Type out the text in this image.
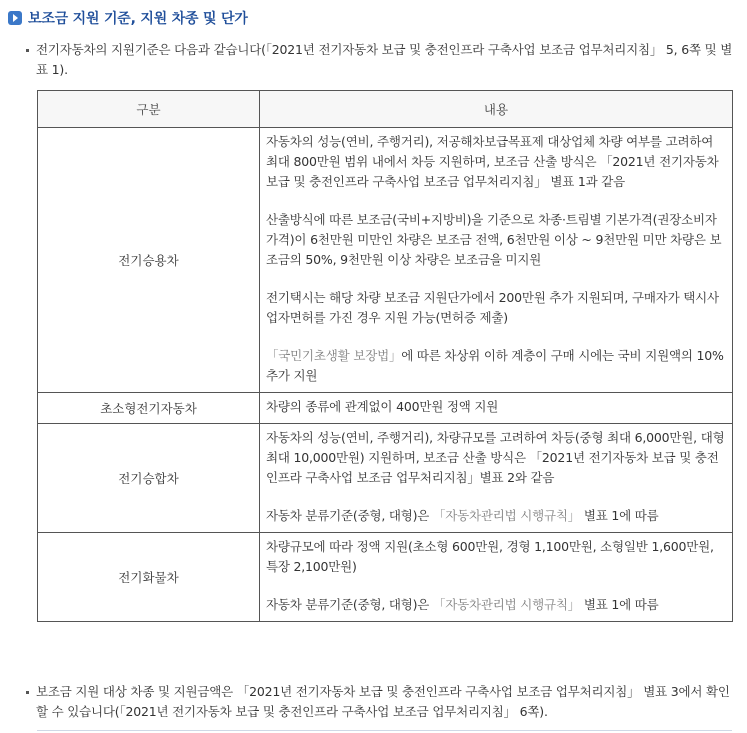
보조금 지원 기준, 지원 차종 및 단가

전기자동차의 지원기준은 다음과 같습니다(「2021년 전기자동차 보급 및 충전인프라 구축사업 보조금 업무처리지침」 5, 6쪽 및 별표 1).

구분	내용
전기승용차	자동차의 성능(연비, 주행거리), 저공해차보급목표제 대상업체 차량 여부를 고려하여 최대 800만원 범위 내에서 차등 지원하며, 보조금 산출 방식은 「2021년 전기자동차 보급 및 충전인프라 구축사업 보조금 업무처리지침」 별표 1과 같음

산출방식에 따른 보조금(국비+지방비)을 기준으로 차종·트림별 기본가격(권장소비자가격)이 6천만원 미만인 차량은 보조금 전액, 6천만원 이상 ~ 9천만원 미만 차량은 보조금의 50%, 9천만원 이상 차량은 보조금을 미지원

전기택시는 해당 차량 보조금 지원단가에서 200만원 추가 지원되며, 구매자가 택시사업자면허를 가진 경우 지원 가능(면허증 제출)

「국민기초생활 보장법」에 따른 차상위 이하 계층이 구매 시에는 국비 지원액의 10% 추가 지원

초소형전기자동차	차량의 종류에 관계없이 400만원 정액 지원

전기승합차	자동차의 성능(연비, 주행거리), 차량규모를 고려하여 차등(중형 최대 6,000만원, 대형 최대 10,000만원) 지원하며, 보조금 산출 방식은 「2021년 전기자동차 보급 및 충전인프라 구축사업 보조금 업무처리지침」별표 2와 같음

자동차 분류기준(중형, 대형)은 「자동차관리법 시행규칙」 별표 1에 따름

전기화물차	차량규모에 따라 정액 지원(초소형 600만원, 경형 1,100만원, 소형일반 1,600만원, 특장 2,100만원)

자동차 분류기준(중형, 대형)은 「자동차관리법 시행규칙」 별표 1에 따름

보조금 지원 대상 차종 및 지원금액은 「2021년 전기자동차 보급 및 충전인프라 구축사업 보조금 업무처리지침」 별표 3에서 확인할 수 있습니다(「2021년 전기자동차 보급 및 충전인프라 구축사업 보조금 업무처리지침」 6쪽).
